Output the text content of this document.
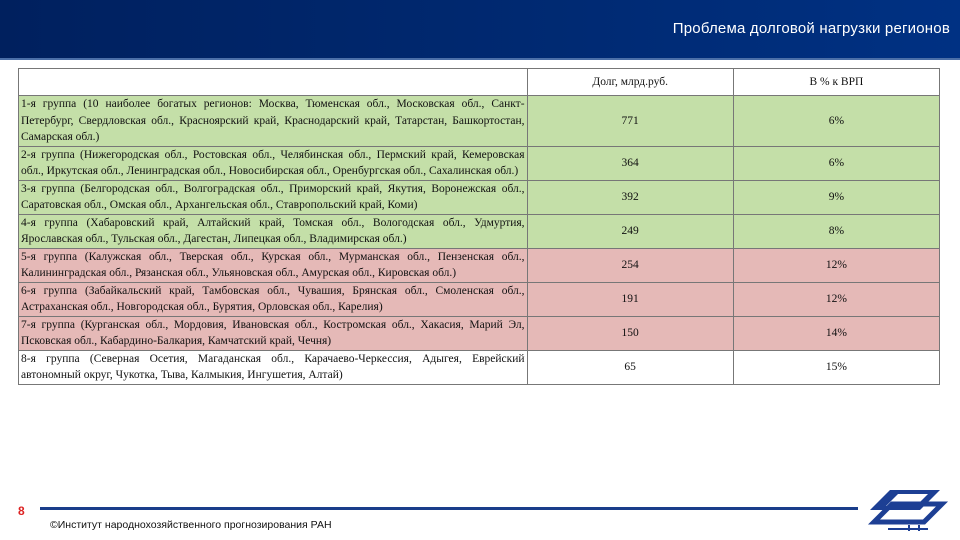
Проблема долговой нагрузки регионов
	Долг, млрд.руб.	В % к ВРП
1-я группа (10 наиболее богатых регионов: Москва, Тюменская обл., Московская обл., Санкт-Петербург, Свердловская обл., Красноярский край, Краснодарский край, Татарстан, Башкортостан, Самарская обл.)	771	6%
2-я группа (Нижегородская обл., Ростовская обл., Челябинская обл., Пермский край, Кемеровская обл., Иркутская обл., Ленинградская обл., Новосибирская обл., Оренбургская обл., Сахалинская обл.)	364	6%
3-я группа (Белгородская обл., Волгоградская обл., Приморский край, Якутия, Воронежская обл., Саратовская обл., Омская обл., Архангельская обл., Ставропольский край, Коми)	392	9%
4-я группа (Хабаровский край, Алтайский край, Томская обл., Вологодская обл., Удмуртия, Ярославская обл., Тульская обл., Дагестан, Липецкая обл., Владимирская обл.)	249	8%
5-я группа (Калужская обл., Тверская обл., Курская обл., Мурманская обл., Пензенская обл., Калининградская обл., Рязанская обл., Ульяновская обл., Амурская обл., Кировская обл.)	254	12%
6-я группа (Забайкальский край, Тамбовская обл., Чувашия, Брянская обл., Смоленская обл., Астраханская обл., Новгородская обл., Бурятия, Орловская обл., Карелия)	191	12%
7-я группа (Курганская обл., Мордовия, Ивановская обл., Костромская обл., Хакасия, Марий Эл, Псковская обл., Кабардино-Балкария, Камчатский край, Чечня)	150	14%
8-я группа (Северная Осетия, Магаданская обл., Карачаево-Черкессия, Адыгея, Еврейский автономный округ, Чукотка, Тыва, Калмыкия, Ингушетия, Алтай)	65	15%
8
©Институт народнохозяйственного прогнозирования РАН
